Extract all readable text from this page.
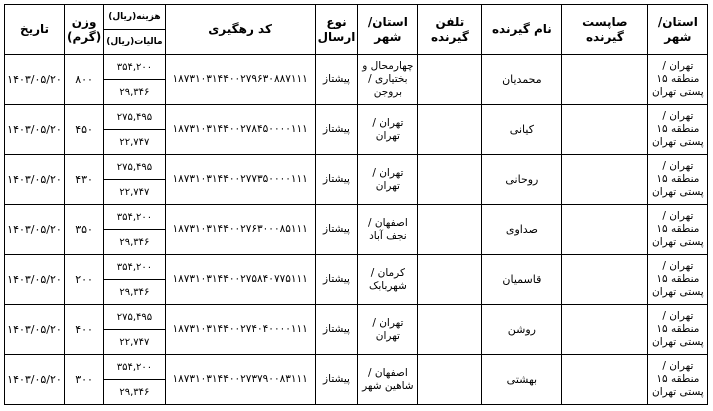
تاریخ	وزن (گرم)	هزینه(ریال)	کد رهگیری	نوع ارسال	استان/ شهر	تلفن گیرنده	نام گیرنده	صاپست گیرنده	استان/ شهر
		مالیات(ریال)							
۱۴۰۳/۰۵/۲۰	۸۰۰	۳۵۴,۲۰۰	۱۸۷۳۱۰۳۱۴۴۰۰۲۷۹۶۳۰۸۸۷۱۱۱	پیشتاز	چهارمحال و بختیاری / بروجن		محمدیان		تهران / منطقه ۱۵ پستی تهران
		۲۹,۳۴۶							
۱۴۰۳/۰۵/۲۰	۴۵۰	۲۷۵,۴۹۵	۱۸۷۳۱۰۳۱۴۴۰۰۲۷۸۴۵۰۰۰۰۱۱۱	پیشتاز	تهران / تهران		کیانی		تهران / منطقه ۱۵ پستی تهران
		۲۲,۷۴۷							
۱۴۰۳/۰۵/۲۰	۴۳۰	۲۷۵,۴۹۵	۱۸۷۳۱۰۳۱۴۴۰۰۲۷۷۳۵۰۰۰۰۱۱۱	پیشتاز	تهران / تهران		روحانی		تهران / منطقه ۱۵ پستی تهران
		۲۲,۷۴۷							
۱۴۰۳/۰۵/۲۰	۳۵۰	۳۵۴,۲۰۰	۱۸۷۳۱۰۳۱۴۴۰۰۲۷۶۳۰۰۰۸۵۱۱۱	پیشتاز	اصفهان / نجف آباد		صداوی		تهران / منطقه ۱۵ پستی تهران
		۲۹,۳۴۶							
۱۴۰۳/۰۵/۲۰	۲۰۰	۳۵۴,۲۰۰	۱۸۷۳۱۰۳۱۴۴۰۰۲۷۵۸۴۰۷۷۵۱۱۱	پیشتاز	کرمان / شهربابک		قاسمیان		تهران / منطقه ۱۵ پستی تهران
		۲۹,۳۴۶							
۱۴۰۳/۰۵/۲۰	۴۰۰	۲۷۵,۴۹۵	۱۸۷۳۱۰۳۱۴۴۰۰۲۷۴۰۴۰۰۰۰۱۱۱	پیشتاز	تهران / تهران		روشن		تهران / منطقه ۱۵ پستی تهران
		۲۲,۷۴۷							
۱۴۰۳/۰۵/۲۰	۳۰۰	۳۵۴,۲۰۰	۱۸۷۳۱۰۳۱۴۴۰۰۲۷۳۷۹۰۰۸۳۱۱۱	پیشتاز	اصفهان / شاهین شهر		بهشتی		تهران / منطقه ۱۵ پستی تهران
		۲۹,۳۴۶							
